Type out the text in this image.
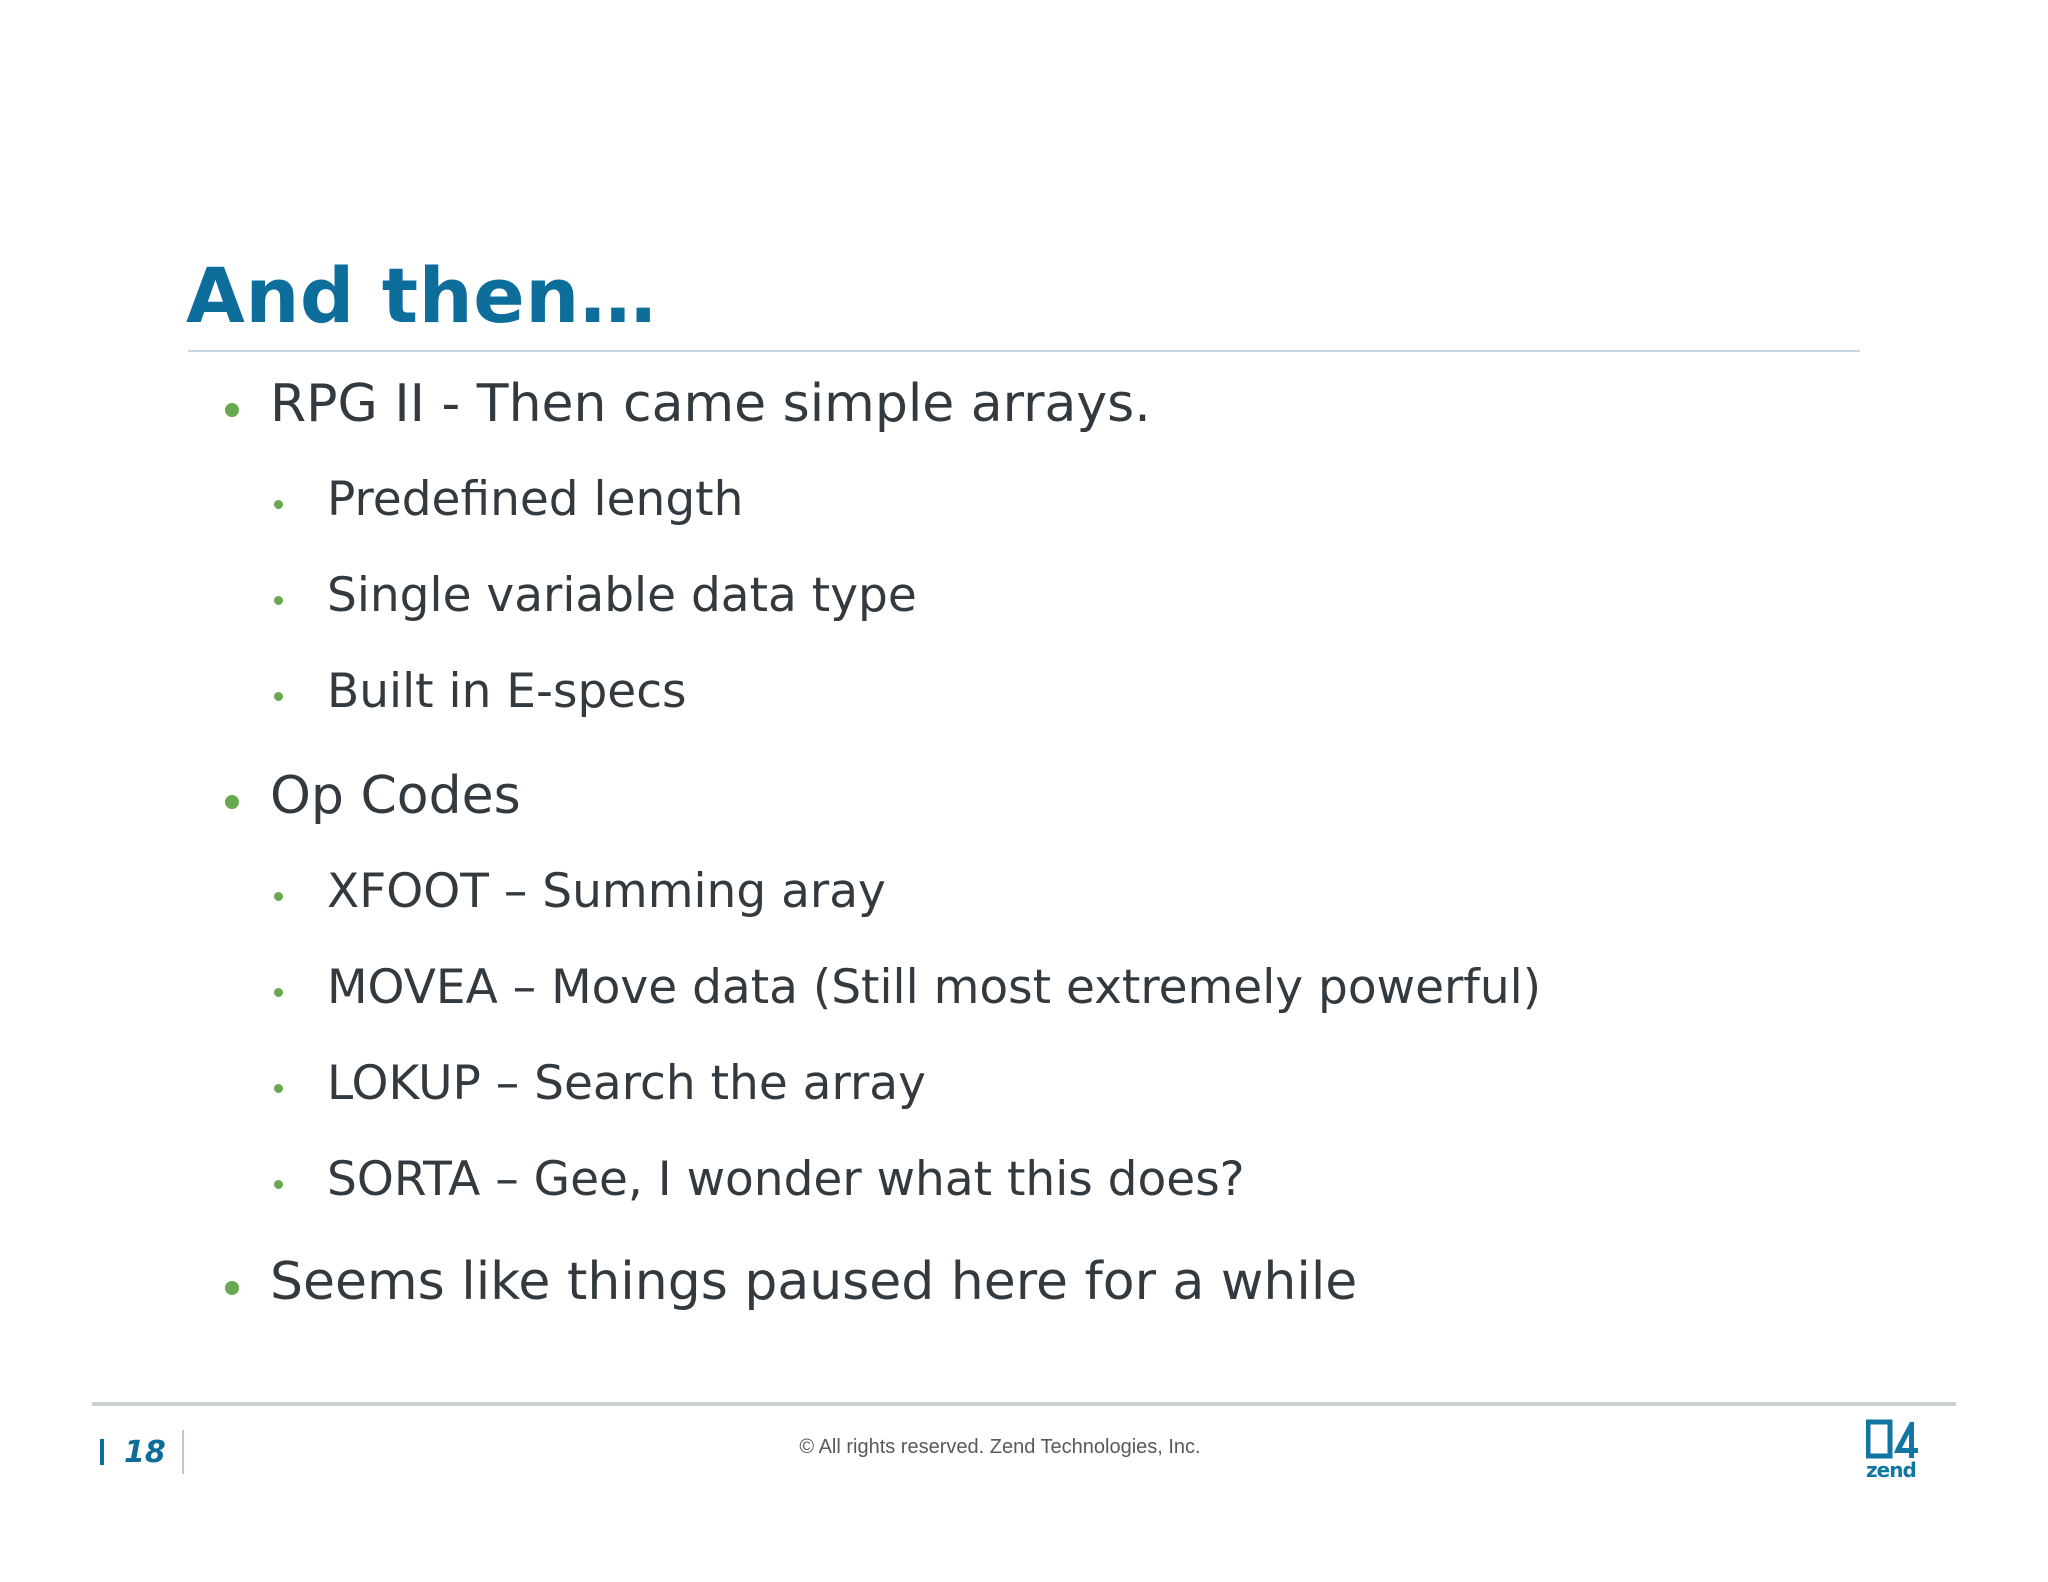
And then…
RPG II - Then came simple arrays.
Predefined length
Single variable data type
Built in E-specs
Op Codes
XFOOT – Summing aray
MOVEA – Move data (Still most extremely powerful)
LOKUP – Search the array
SORTA – Gee, I wonder what this does?
Seems like things paused here for a while
18	© All rights reserved. Zend Technologies, Inc.
zend
